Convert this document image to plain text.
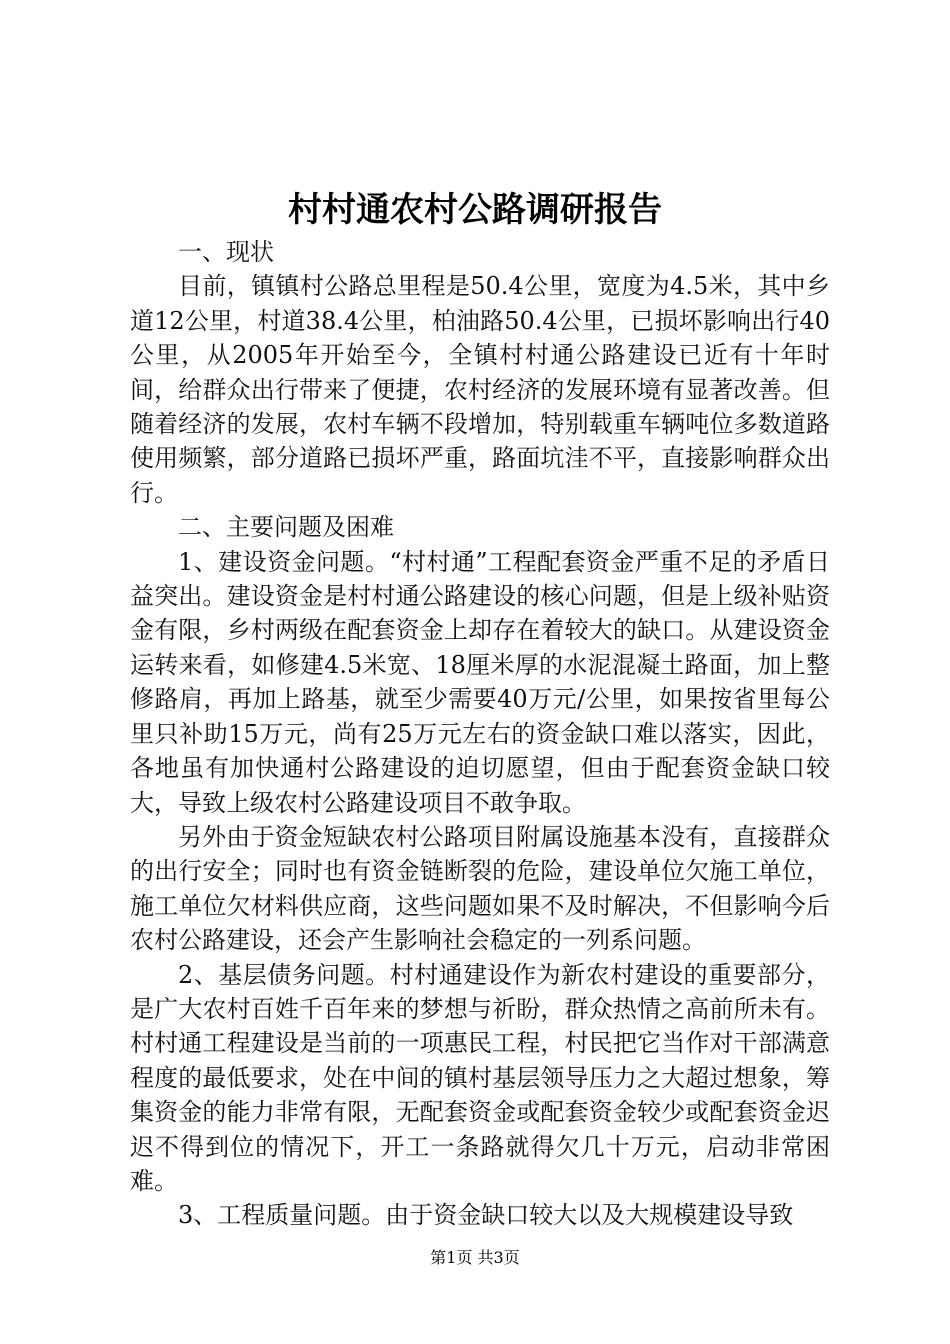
村村通农村公路调研报告

一、现状

目前，镇镇村公路总里程是50.4公里，宽度为4.5米，其中乡道12公里，村道38.4公里，柏油路50.4公里，已损坏影响出行40公里，从2005年开始至今，全镇村村通公路建设已近有十年时间，给群众出行带来了便捷，农村经济的发展环境有显著改善。但随着经济的发展，农村车辆不段增加，特别载重车辆吨位多数道路使用频繁，部分道路已损坏严重，路面坑洼不平，直接影响群众出行。

二、主要问题及困难

1、建设资金问题。“村村通”工程配套资金严重不足的矛盾日益突出。建设资金是村村通公路建设的核心问题，但是上级补贴资金有限，乡村两级在配套资金上却存在着较大的缺口。从建设资金运转来看，如修建4.5米宽、18厘米厚的水泥混凝土路面，加上整修路肩，再加上路基，就至少需要40万元/公里，如果按省里每公里只补助15万元，尚有25万元左右的资金缺口难以落实，因此，各地虽有加快通村公路建设的迫切愿望，但由于配套资金缺口较大，导致上级农村公路建设项目不敢争取。

另外由于资金短缺农村公路项目附属设施基本没有，直接群众的出行安全；同时也有资金链断裂的危险，建设单位欠施工单位，施工单位欠材料供应商，这些问题如果不及时解决，不但影响今后农村公路建设，还会产生影响社会稳定的一列系问题。

2、基层债务问题。村村通建设作为新农村建设的重要部分，是广大农村百姓千百年来的梦想与祈盼，群众热情之高前所未有。村村通工程建设是当前的一项惠民工程，村民把它当作对干部满意程度的最低要求，处在中间的镇村基层领导压力之大超过想象，筹集资金的能力非常有限，无配套资金或配套资金较少或配套资金迟迟不得到位的情况下，开工一条路就得欠几十万元，启动非常困难。

3、工程质量问题。由于资金缺口较大以及大规模建设导致

第1页 共3页
